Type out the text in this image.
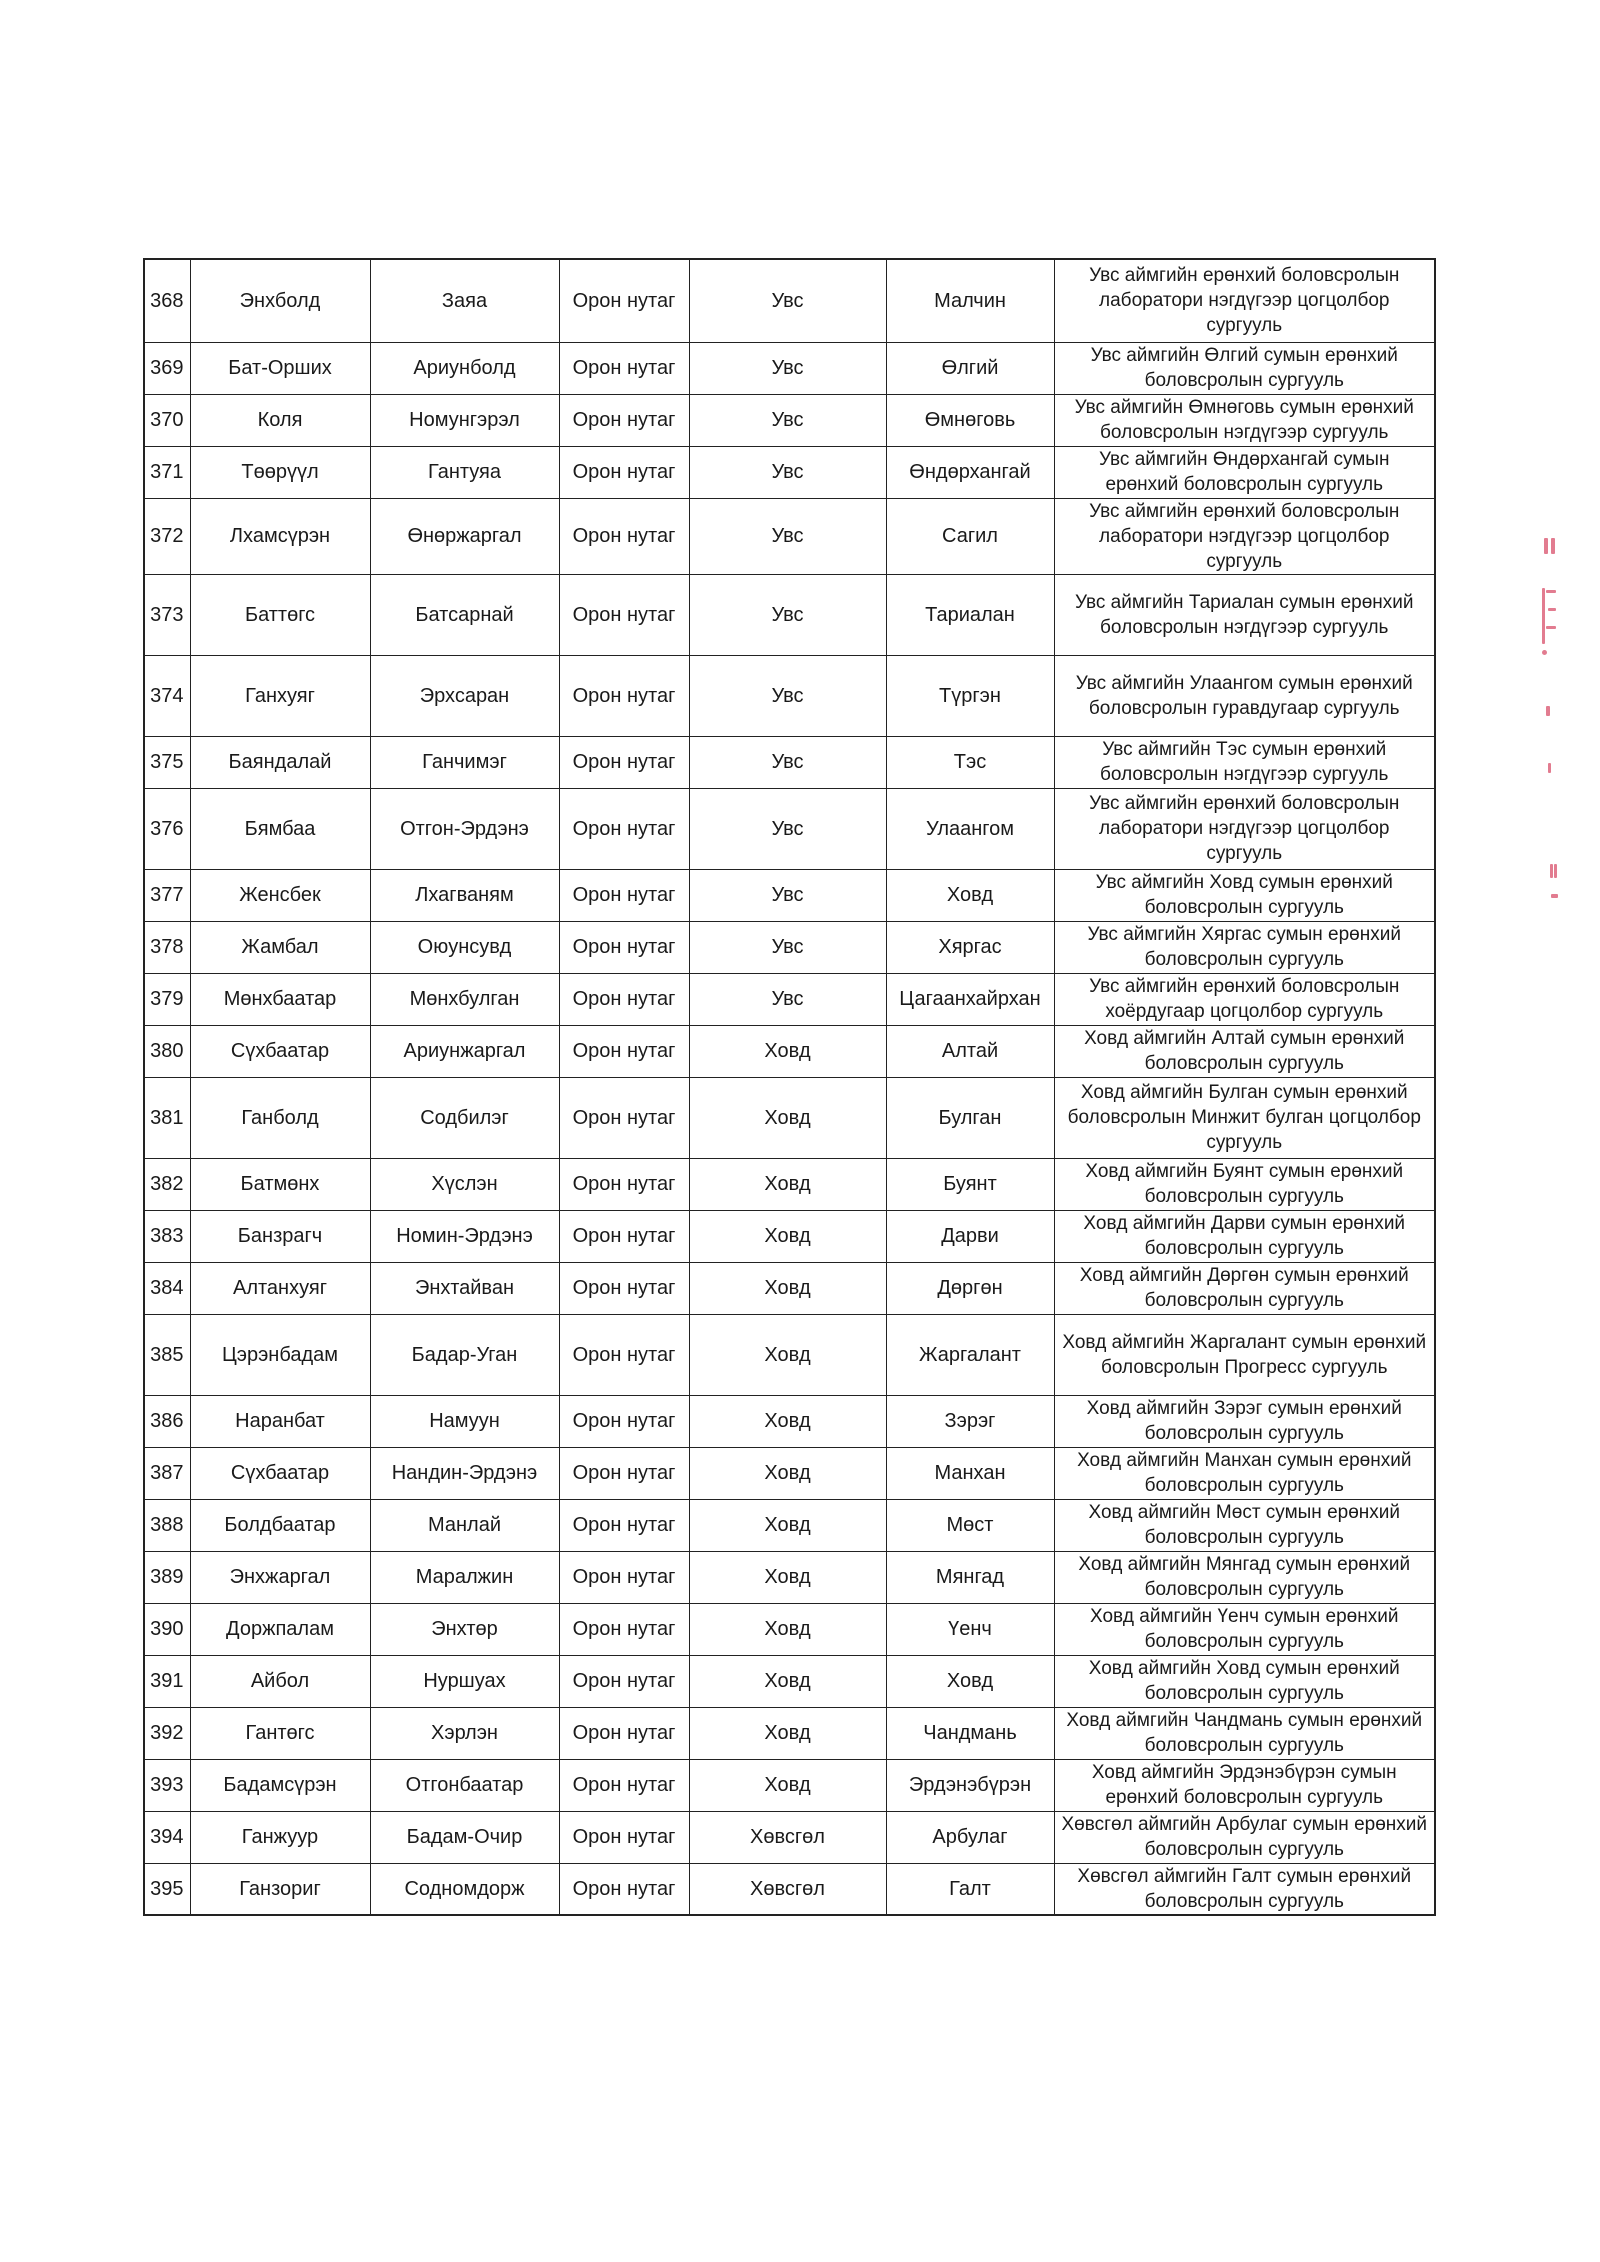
368	Энхболд	Заяа	Орон нутаг	Увс	Малчин	Увс аймгийн ерөнхий боловсролын лаборатори нэгдүгээр цогцолбор сургууль
369	Бат-Орших	Ариунболд	Орон нутаг	Увс	Өлгий	Увс аймгийн Өлгий сумын ерөнхий боловсролын сургууль
370	Коля	Номунгэрэл	Орон нутаг	Увс	Өмнөговь	Увс аймгийн Өмнөговь сумын ерөнхий боловсролын нэгдүгээр сургууль
371	Төөрүүл	Гантуяа	Орон нутаг	Увс	Өндөрхангай	Увс аймгийн Өндөрхангай сумын ерөнхий боловсролын сургууль
372	Лхамсүрэн	Өнөржаргал	Орон нутаг	Увс	Сагил	Увс аймгийн ерөнхий боловсролын лаборатори нэгдүгээр цогцолбор сургууль
373	Баттөгс	Батсарнай	Орон нутаг	Увс	Тариалан	Увс аймгийн Тариалан сумын ерөнхий боловсролын нэгдүгээр сургууль
374	Ганхуяг	Эрхсаран	Орон нутаг	Увс	Түргэн	Увс аймгийн Улаангом сумын ерөнхий боловсролын гуравдугаар сургууль
375	Баяндалай	Ганчимэг	Орон нутаг	Увс	Тэс	Увс аймгийн Тэс сумын ерөнхий боловсролын нэгдүгээр сургууль
376	Бямбаа	Отгон-Эрдэнэ	Орон нутаг	Увс	Улаангом	Увс аймгийн ерөнхий боловсролын лаборатори нэгдүгээр цогцолбор сургууль
377	Женсбек	Лхагваням	Орон нутаг	Увс	Ховд	Увс аймгийн Ховд сумын ерөнхий боловсролын сургууль
378	Жамбал	Оюунсувд	Орон нутаг	Увс	Хяргас	Увс аймгийн Хяргас сумын ерөнхий боловсролын сургууль
379	Мөнхбаатар	Мөнхбулган	Орон нутаг	Увс	Цагаанхайрхан	Увс аймгийн ерөнхий боловсролын хоёрдугаар цогцолбор сургууль
380	Сүхбаатар	Ариунжаргал	Орон нутаг	Ховд	Алтай	Ховд аймгийн Алтай сумын ерөнхий боловсролын сургууль
381	Ганболд	Содбилэг	Орон нутаг	Ховд	Булган	Ховд аймгийн Булган сумын ерөнхий боловсролын Минжит булган цогцолбор сургууль
382	Батмөнх	Хүслэн	Орон нутаг	Ховд	Буянт	Ховд аймгийн Буянт сумын ерөнхий боловсролын сургууль
383	Банзрагч	Номин-Эрдэнэ	Орон нутаг	Ховд	Дарви	Ховд аймгийн Дарви сумын ерөнхий боловсролын сургууль
384	Алтанхуяг	Энхтайван	Орон нутаг	Ховд	Дөргөн	Ховд аймгийн Дөргөн сумын ерөнхий боловсролын сургууль
385	Цэрэнбадам	Бадар-Уган	Орон нутаг	Ховд	Жаргалант	Ховд аймгийн Жаргалант сумын ерөнхий боловсролын Прогресс сургууль
386	Наранбат	Намуун	Орон нутаг	Ховд	Зэрэг	Ховд аймгийн Зэрэг сумын ерөнхий боловсролын сургууль
387	Сүхбаатар	Нандин-Эрдэнэ	Орон нутаг	Ховд	Манхан	Ховд аймгийн Манхан сумын ерөнхий боловсролын сургууль
388	Болдбаатар	Манлай	Орон нутаг	Ховд	Мөст	Ховд аймгийн Мөст сумын ерөнхий боловсролын сургууль
389	Энхжаргал	Маралжин	Орон нутаг	Ховд	Мянгад	Ховд аймгийн Мянгад сумын ерөнхий боловсролын сургууль
390	Доржпалам	Энхтөр	Орон нутаг	Ховд	Үенч	Ховд аймгийн Үенч сумын ерөнхий боловсролын сургууль
391	Айбол	Нуршуах	Орон нутаг	Ховд	Ховд	Ховд аймгийн Ховд сумын ерөнхий боловсролын сургууль
392	Гантөгс	Хэрлэн	Орон нутаг	Ховд	Чандмань	Ховд аймгийн Чандмань сумын ерөнхий боловсролын сургууль
393	Бадамсүрэн	Отгонбаатар	Орон нутаг	Ховд	Эрдэнэбүрэн	Ховд аймгийн Эрдэнэбүрэн сумын ерөнхий боловсролын сургууль
394	Ганжуур	Бадам-Очир	Орон нутаг	Хөвсгөл	Арбулаг	Хөвсгөл аймгийн Арбулаг сумын ерөнхий боловсролын сургууль
395	Ганзориг	Содномдорж	Орон нутаг	Хөвсгөл	Галт	Хөвсгөл аймгийн Галт сумын ерөнхий боловсролын сургууль
